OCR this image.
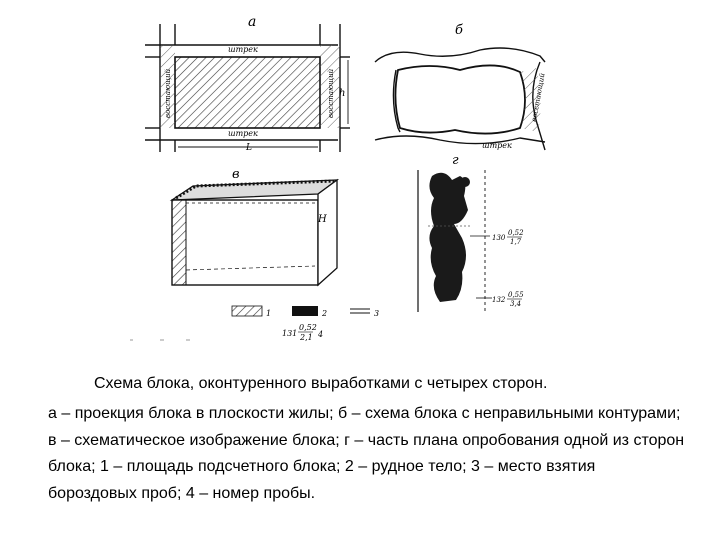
а
штрек
штрек
восстающий	восстающий h
L
б
восстающий
штрек
в
H
г
130
0,52
1,7
132
0,55
3,4
1	2	3
131
0,52
2,1 4
Схема блока, оконтуренного выработками с четырех сторон.
а – проекция блока в плоскости жилы; б – схема блока с неправильными контурами; в – схематическое изображение блока; г – часть плана опробования одной из сторон блока; 1 – площадь подсчетного блока; 2 – рудное тело; 3 – место взятия бороздовых проб; 4 – номер пробы.
